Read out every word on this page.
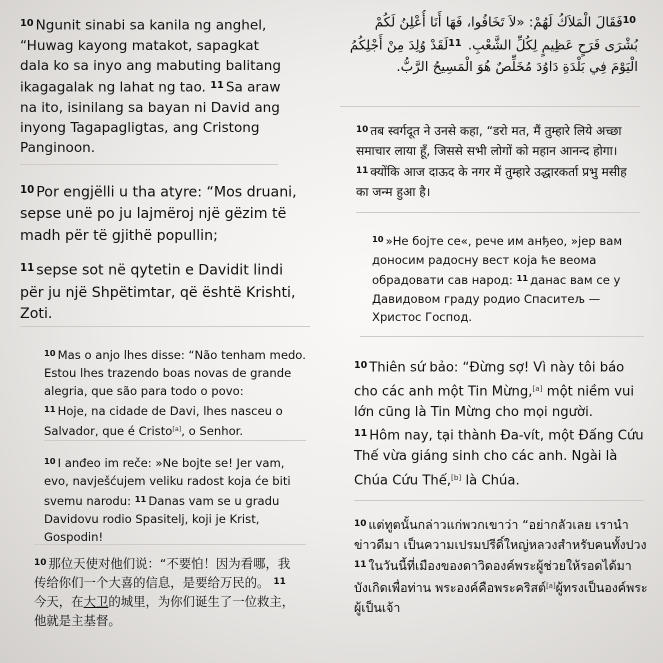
$^{10}$ Ngunit sinabi sa kanila ng anghel, “Huwag kayong matakot, sapagkat dala ko sa inyo ang mabuting balitang ikagagalak ng lahat ng tao. $^{11}$ Sa araw na ito, isinilang sa bayan ni David ang inyong Tagapagligtas, ang Cristong Panginoon.

$^{10}$ Por engjëlli u tha atyre: “Mos druani, sepse unë po ju lajmëroj një gëzim të madh për të gjithë popullin;

$^{11}$ sepse sot në qytetin e Davidit lindi për ju një Shpëtimtar, që është Krishti, Zoti.

$^{10}$ Mas o anjo lhes disse: “Não tenham medo. Estou lhes trazendo boas novas de grande alegria, que são para todo o povo:
$^{11}$ Hoje, na cidade de Davi, lhes nasceu o Salvador, que é Cristo[a], o Senhor.

$^{10}$ I anđeo im reče: »Ne bojte se! Jer vam, evo, navješćujem veliku radost koja će biti svemu narodu: $^{11}$ Danas vam se u gradu Davidovu rodio Spasitelj, koji je Krist, Gospodin!

$^{10}$ 那位天使对他们说：“不要怕！因为看哪，我传给你们一个大喜的信息，是要给万民的。 $^{11}$今天，在大卫的城里，为你们诞生了一位救主，他就是主基督。

$^{10}$فَقَالَ الْمَلاَكُ لَهُمْ: «لاَ تَخَافُوا، فَهَا أَنَا أُعْلِنُ لَكُمْ بُشْرَى فَرَحٍ عَظِيمٍ لِكُلِّ الشَّعْبِ. $^{11}$لَقَدْ وُلِدَ مِنْ أَجْلِكُمُ الْيَوْمَ فِي بَلْدَةِ دَاوُدَ مُخَلِّصٌ هُوَ الْمَسِيحُ الرَّبُّ.

$^{10}$ तब स्वर्गदूत ने उनसे कहा, “डरो मत, मैं तुम्हारे लिये अच्छा समाचार लाया हूँ, जिससे सभी लोगों को महान आनन्द होगा। $^{11}$ क्योंकि आज दाऊद के नगर में तुम्हारे उद्धारकर्ता प्रभु मसीह का जन्म हुआ है।

$^{10}$ »Не бојте се«, рече им анђео, »јер вам доносим радосну вест која ће веома обрадовати сав народ: $^{11}$ данас вам се у Давидовом граду родио Спаситељ — Христос Господ.

$^{10}$ Thiên sứ bảo: “Đừng sợ! Vì này tôi báo cho các anh một Tin Mừng,[a] một niềm vui lớn cũng là Tin Mừng cho mọi người.
$^{11}$ Hôm nay, tại thành Đa-vít, một Đấng Cứu Thế vừa giáng sinh cho các anh. Ngài là Chúa Cứu Thế,[b] là Chúa.

$^{10}$ แต่ทูตนั้นกล่าวแก่พวกเขาว่า “อย่ากลัวเลย เรานำข่าวดีมา เป็นความเปรมปรีดิ์ใหญ่หลวงสำหรับคนทั้งปวง $^{11}$ ในวันนี้ที่เมืองของดาวิดองค์พระผู้ช่วยให้รอดได้มาบังเกิดเพื่อท่าน พระองค์คือพระคริสต์[a]ผู้ทรงเป็นองค์พระผู้เป็นเจ้า
